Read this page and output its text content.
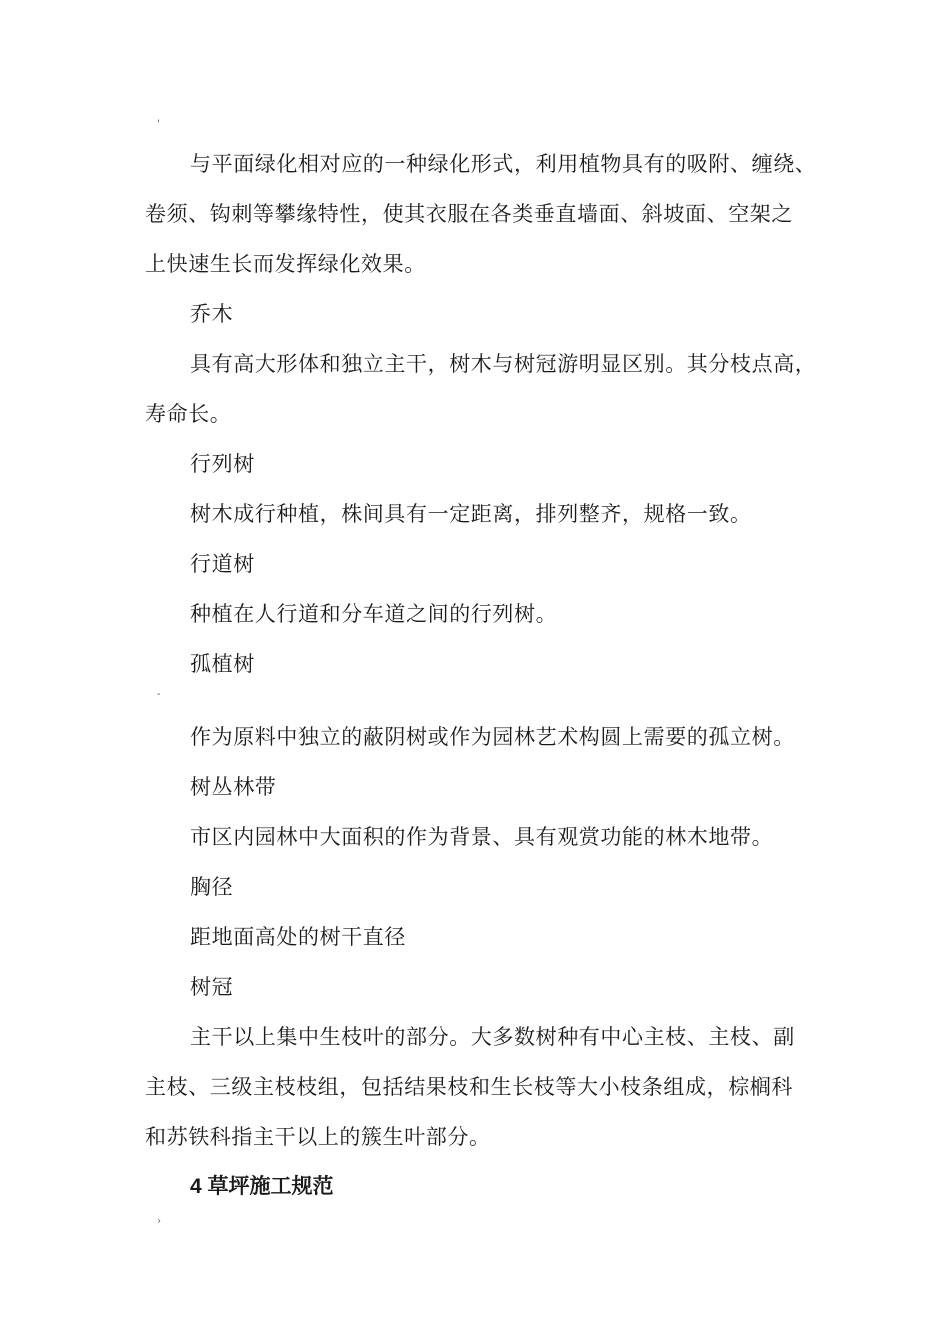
'
与平面绿化相对应的一种绿化形式，利用植物具有的吸附、缠绕、
卷须、钩刺等攀缘特性，使其衣服在各类垂直墙面、斜坡面、空架之
上快速生长而发挥绿化效果。
乔木
具有高大形体和独立主干，树木与树冠游明显区别。其分枝点高，
寿命长。
行列树
树木成行种植，株间具有一定距离，排列整齐，规格一致。
行道树
种植在人行道和分车道之间的行列树。
孤植树
-
作为原料中独立的蔽阴树或作为园林艺术构圆上需要的孤立树。
树丛林带
市区内园林中大面积的作为背景、具有观赏功能的林木地带。
胸径
距地面高处的树干直径
树冠
主干以上集中生枝叶的部分。大多数树种有中心主枝、主枝、副
主枝、三级主枝枝组，包括结果枝和生长枝等大小枝条组成，棕榈科
和苏铁科指主干以上的簇生叶部分。
4 草坪施工规范
›
